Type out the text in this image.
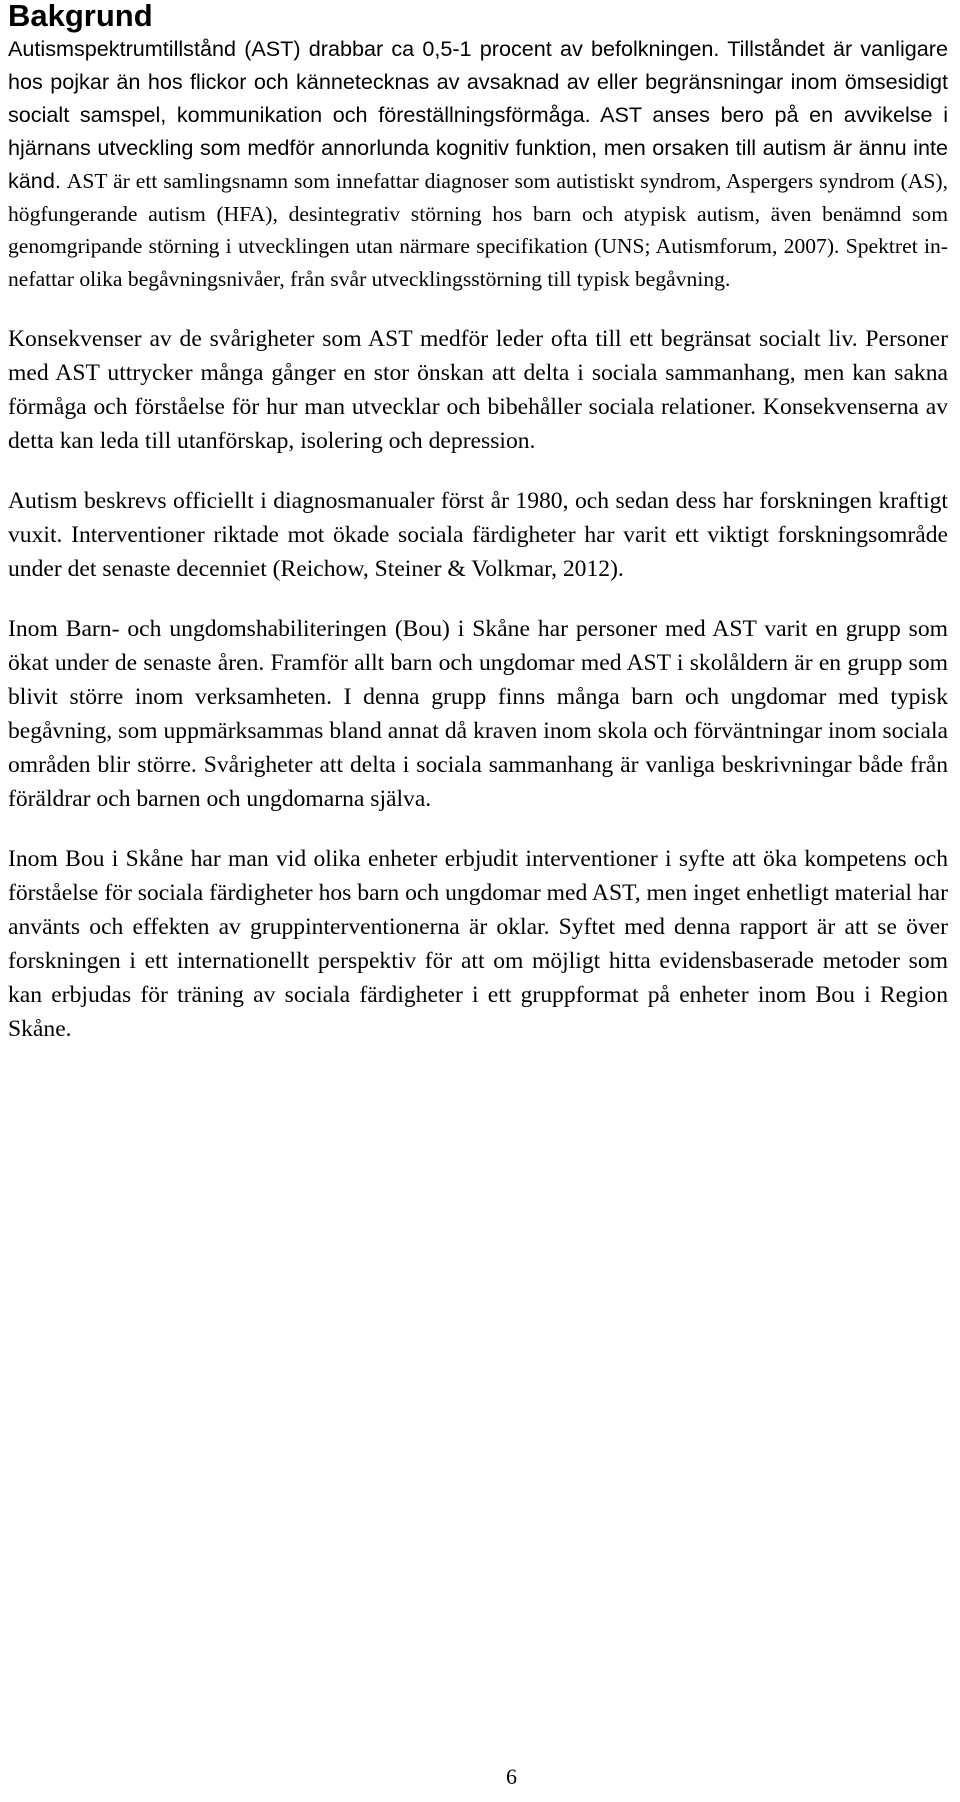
Bakgrund

Autismspektrumtillstånd (AST) drabbar ca 0,5-1 procent av befolkningen. Tillståndet är vanligare hos pojkar än hos flickor och kännetecknas av avsaknad av eller begränsningar inom ömsesidigt socialt samspel, kommunikation och föreställningsförmåga. AST anses bero på en avvikelse i hjärnans utveckling som medför annorlunda kognitiv funktion, men orsaken till autism är ännu inte känd. AST är ett samlingsnamn som innefattar diagnoser som autistiskt syndrom, Aspergers syndrom (AS), högfungerande autism (HFA), desintegrativ störning hos barn och atypisk autism, även benämnd som genomgripande störning i utvecklingen utan närmare specifikation (UNS; Autismforum, 2007). Spektret innefattar olika begåvningsnivåer, från svår utvecklingsstörning till typisk begåvning.

Konsekvenser av de svårigheter som AST medför leder ofta till ett begränsat socialt liv. Personer med AST uttrycker många gånger en stor önskan att delta i sociala sammanhang, men kan sakna förmåga och förståelse för hur man utvecklar och bibehåller sociala relationer. Konsekvenserna av detta kan leda till utanförskap, isolering och depression.

Autism beskrevs officiellt i diagnosmanualer först år 1980, och sedan dess har forskningen kraftigt vuxit. Interventioner riktade mot ökade sociala färdigheter har varit ett viktigt forskningsområde under det senaste decenniet (Reichow, Steiner & Volkmar, 2012).

Inom Barn- och ungdomshabiliteringen (Bou) i Skåne har personer med AST varit en grupp som ökat under de senaste åren. Framför allt barn och ungdomar med AST i skolåldern är en grupp som blivit större inom verksamheten. I denna grupp finns många barn och ungdomar med typisk begåvning, som uppmärksammas bland annat då kraven inom skola och förväntningar inom sociala områden blir större. Svårigheter att delta i sociala sammanhang är vanliga beskrivningar både från föräldrar och barnen och ungdomarna själva.

Inom Bou i Skåne har man vid olika enheter erbjudit interventioner i syfte att öka kompetens och förståelse för sociala färdigheter hos barn och ungdomar med AST, men inget enhetligt material har använts och effekten av gruppinterventionerna är oklar. Syftet med denna rapport är att se över forskningen i ett internationellt perspektiv för att om möjligt hitta evidensbaserade metoder som kan erbjudas för träning av sociala färdigheter i ett gruppformat på enheter inom Bou i Region Skåne.

6
